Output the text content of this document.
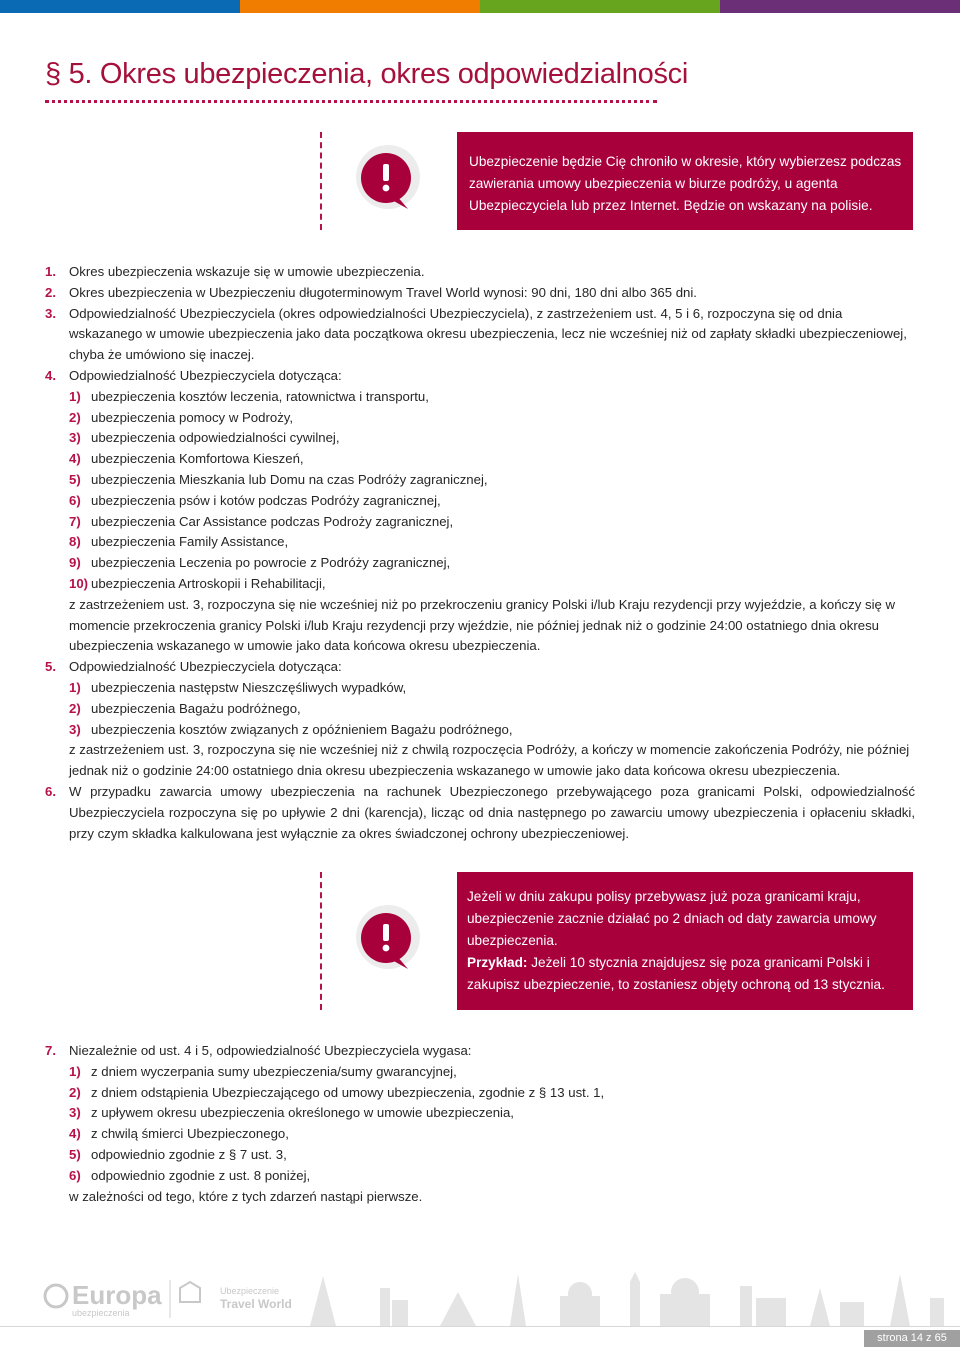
§ 5. Okres ubezpieczenia, okres odpowiedzialności

Ubezpieczenie będzie Cię chroniło w okresie, który wybierzesz podczas zawierania umowy ubezpieczenia w biurze podróży, u agenta Ubezpieczyciela lub przez Internet. Będzie on wskazany na polisie.

1. Okres ubezpieczenia wskazuje się w umowie ubezpieczenia.

2. Okres ubezpieczenia w Ubezpieczeniu długoterminowym Travel World wynosi: 90 dni, 180 dni albo 365 dni.

3. Odpowiedzialność Ubezpieczyciela (okres odpowiedzialności Ubezpieczyciela), z zastrzeżeniem ust. 4, 5 i 6, rozpoczyna się od dnia wskazanego w umowie ubezpieczenia jako data początkowa okresu ubezpieczenia, lecz nie wcześniej niż od zapłaty składki ubezpieczeniowej, chyba że umówiono się inaczej.

4. Odpowiedzialność Ubezpieczyciela dotycząca:

1) ubezpieczenia kosztów leczenia, ratownictwa i transportu,
2) ubezpieczenia pomocy w Podroży,
3) ubezpieczenia odpowiedzialności cywilnej,
4) ubezpieczenia Komfortowa Kieszeń,
5) ubezpieczenia Mieszkania lub Domu na czas Podróży zagranicznej,
6) ubezpieczenia psów i kotów podczas Podróży zagranicznej,
7) ubezpieczenia Car Assistance podczas Podroży zagranicznej,
8) ubezpieczenia Family Assistance,
9) ubezpieczenia Leczenia po powrocie z Podróży zagranicznej,
10) ubezpieczenia Artroskopii i Rehabilitacji,

z zastrzeżeniem ust. 3, rozpoczyna się nie wcześniej niż po przekroczeniu granicy Polski i/lub Kraju rezydencji przy wyjeździe, a kończy się w momencie przekroczenia granicy Polski i/lub Kraju rezydencji przy wjeździe, nie później jednak niż o godzinie 24:00 ostatniego dnia okresu ubezpieczenia wskazanego w umowie jako data końcowa okresu ubezpieczenia.

5. Odpowiedzialność Ubezpieczyciela dotycząca:

1) ubezpieczenia następstw Nieszczęśliwych wypadków,
2) ubezpieczenia Bagażu podróżnego,
3) ubezpieczenia kosztów związanych z opóźnieniem Bagażu podróżnego,

z zastrzeżeniem ust. 3, rozpoczyna się nie wcześniej niż z chwilą rozpoczęcia Podróży, a kończy w momencie zakończenia Podróży, nie później jednak niż o godzinie 24:00 ostatniego dnia okresu ubezpieczenia wskazanego w umowie jako data końcowa okresu ubezpieczenia.

6. W przypadku zawarcia umowy ubezpieczenia na rachunek Ubezpieczonego przebywającego poza granicami Polski, odpowiedzialność Ubezpieczyciela rozpoczyna się po upływie 2 dni (karencja), licząc od dnia następnego po zawarciu umowy ubezpieczenia i opłaceniu składki, przy czym składka kalkulowana jest wyłącznie za okres świadczonej ochrony ubezpieczeniowej.

Jeżeli w dniu zakupu polisy przebywasz już poza granicami kraju, ubezpieczenie zacznie działać po 2 dniach od daty zawarcia umowy ubezpieczenia.

Przykład: Jeżeli 10 stycznia znajdujesz się poza granicami Polski i zakupisz ubezpieczenie, to zostaniesz objęty ochroną od 13 stycznia.

7. Niezależnie od ust. 4 i 5, odpowiedzialność Ubezpieczyciela wygasa:

1) z dniem wyczerpania sumy ubezpieczenia/sumy gwarancyjnej,
2) z dniem odstąpienia Ubezpieczającego od umowy ubezpieczenia, zgodnie z § 13 ust. 1,
3) z upływem okresu ubezpieczenia określonego w umowie ubezpieczenia,
4) z chwilą śmierci Ubezpieczonego,
5) odpowiednio zgodnie z § 7 ust. 3,
6) odpowiednio zgodnie z ust. 8 poniżej,

w zależności od tego, które z tych zdarzeń nastąpi pierwsze.

Europa
ubezpieczenia
Ubezpieczenie
Travel World
strona 14 z 65
